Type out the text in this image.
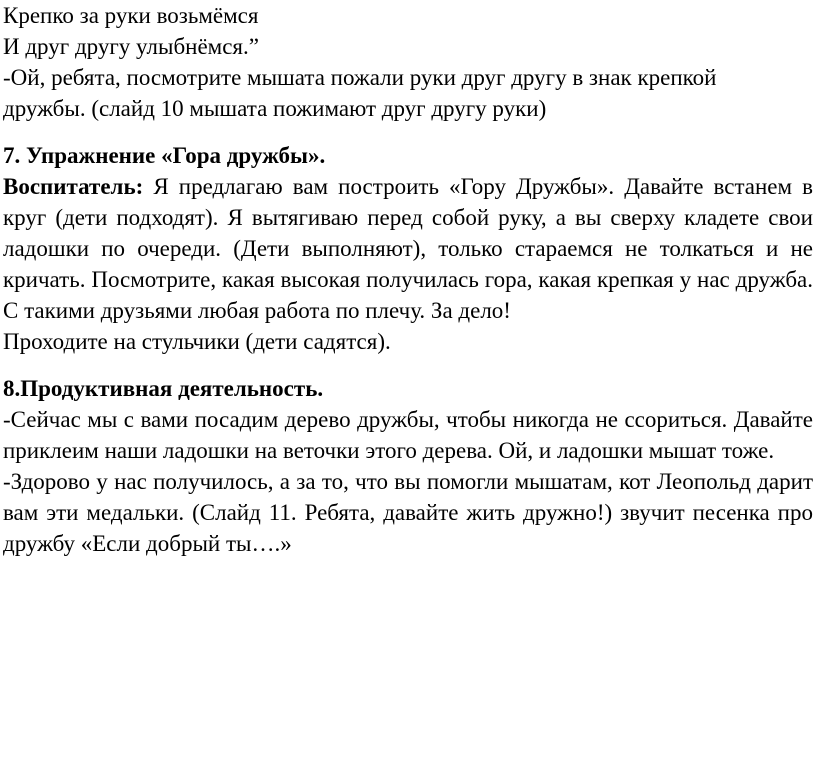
Крепко за руки возьмёмся
И друг другу улыбнёмся.”
-Ой, ребята, посмотрите мышата пожали руки друг другу в знак крепкой
дружбы. (слайд 10 мышата пожимают друг другу руки)

7. Упражнение «Гора дружбы».

Воспитатель: Я предлагаю вам построить «Гору Дружбы». Давайте встанем в круг (дети подходят). Я вытягиваю перед собой руку, а вы сверху кладете свои ладошки по очереди. (Дети выполняют), только стараемся не толкаться и не кричать. Посмотрите, какая высокая получилась гора, какая крепкая у нас дружба. С такими друзьями любая работа по плечу. За дело!

Проходите на стульчики (дети садятся).

8.Продуктивная деятельность.

-Сейчас мы с вами посадим дерево дружбы, чтобы никогда не ссориться. Давайте приклеим наши ладошки на веточки этого дерева. Ой, и ладошки мышат тоже.

-Здорово у нас получилось, а за то, что вы помогли мышатам, кот Леопольд дарит вам эти медальки. (Слайд 11. Ребята, давайте жить дружно!) звучит песенка про дружбу «Если добрый ты….»
